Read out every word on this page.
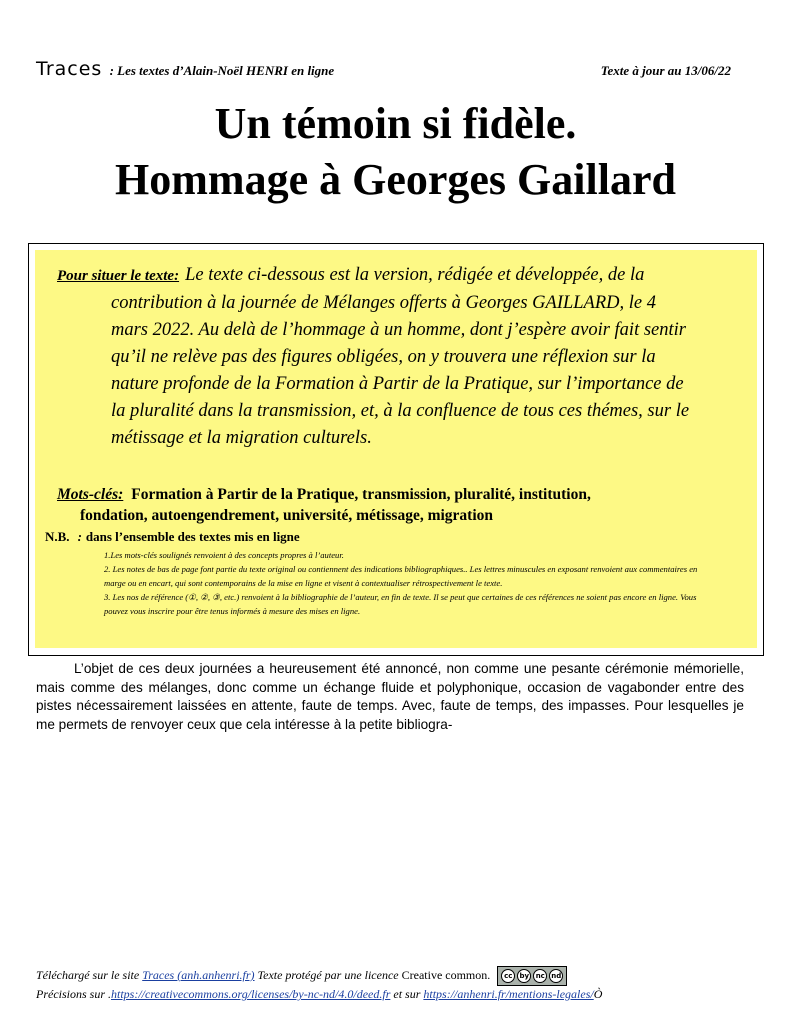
Traces : Les textes d’Alain-Noël HENRI en ligne	Texte à jour au 13/06/22
Un témoin si fidèle.
Hommage à Georges Gaillard
Pour situer le texte: Le texte ci-dessous est la version, rédigée et développée, de la
contribution à la journée de Mélanges offerts à Georges GAILLARD, le 4 mars 2022. Au delà de l’hommage à un homme, dont j’espère avoir fait sentir qu’il ne relève pas des figures obligées, on y trouvera une réflexion sur la nature profonde de la Formation à Partir de la Pratique, sur l’importance de la pluralité dans la transmission, et, à la confluence de tous ces thémes, sur le métissage et la migration culturels.
Mots-clés: Formation à Partir de la Pratique, transmission, pluralité, institution,
fondation, autoengendrement, université, métissage, migration
N.B. : dans l’ensemble des textes mis en ligne

1.Les mots-clés soulignés renvoient à des concepts propres à l’auteur.

2. Les notes de bas de page font partie du texte original ou contiennent des indications bibliographiques.. Les lettres minuscules en exposant renvoient aux commentaires en marge ou en encart, qui sont contemporains de la mise en ligne et visent à contextualiser rétrospectivement le texte.

3. Les nos de référence (①, ②, ③, etc.) renvoient à la bibliographie de l’auteur, en fin de texte. Il se peut que certaines de ces références ne soient pas encore en ligne. Vous pouvez vous inscrire pour être tenus informés à mesure des mises en ligne.

L’objet de ces deux journées a heureusement été annoncé, non comme une pesante cérémonie mémorielle, mais comme des mélanges, donc comme un échange fluide et polyphonique, occasion de vagabonder entre des pistes nécessairement laissées en attente, faute de temps. Avec, faute de temps, des impasses. Pour lesquelles je me permets de renvoyer ceux que cela intéresse à la petite bibliogra-
Téléchargé sur le site Traces (anh.anhenri.fr) Texte protégé par une licence Creative common.	cc	by nc nd
Précisions sur .https://creativecommons.org/licenses/by-nc-nd/4.0/deed.fr et sur https://anhenri.fr/mentions-legales/Ò
